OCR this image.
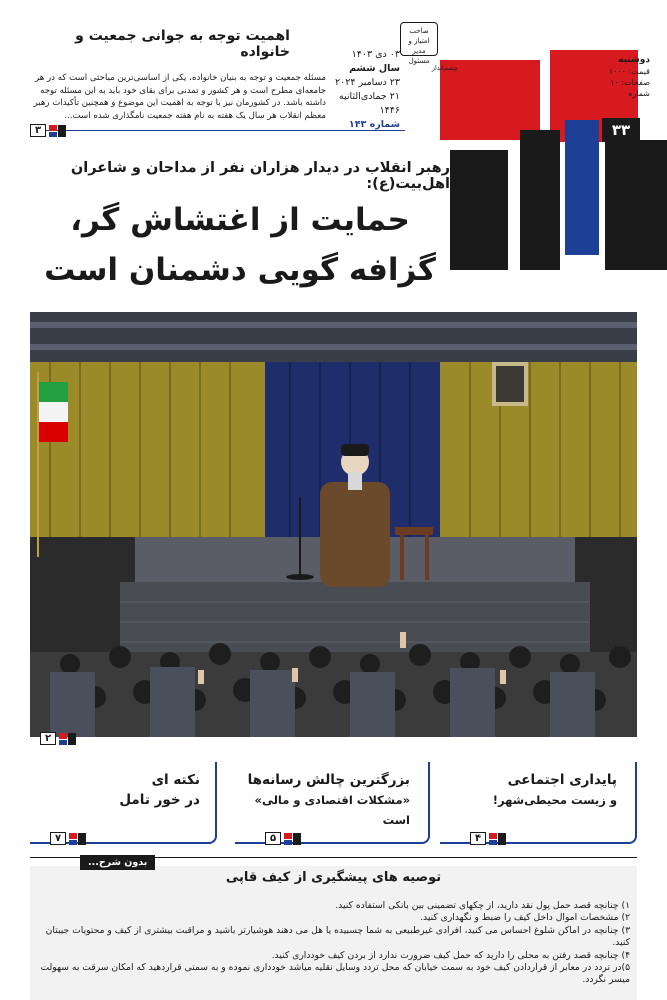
۳۳
دوشنبه
قیمت: ۱۰۰۰
صفحات: ۱۰
شماره
صاحب امتیاز و مدیر مسئول
چشم‌انداز
۰۳ دی ۱۴۰۳
سال ششم
۲۳ دسامبر ۲۰۲۴
۲۱ جمادی‌الثانیه ۱۴۴۶
شماره ۱۴۳
اهمیت توجه به جوانی جمعیت و خانواده
مسئله جمعیت و توجه به بنیان خانواده، یکی از اساسی‌ترین مباحثی است که در هر جامعه‌ای مطرح است و هر کشور و تمدنی برای بقای خود باید به این مسئله توجه داشته باشد. در کشورمان نیز با توجه به اهمیت این موضوع و همچنین تأکیدات رهبر معظم انقلاب هر سال یک هفته به نام هفته جمعیت نامگذاری شده است...
۳
رهبر انقلاب در دیدار هزاران نفر از مداحان و شاعران اهل‌بیت(ع):
حمایت از اغتشاش گر،
گزافه گویی دشمنان است
۲
پایداری اجتماعی
و زیست محیطی‌شهر!
۴
بزرگترین چالش رسانه‌ها
«مشکلات اقتصادی و مالی» است
۵
نکته ای
در خور تامل
۷
بدون شرح...
توصیه های پیشگیری از کیف قاپی
۱) چنانچه قصد حمل پول نقد دارید، از چکهای تضمینی بین بانکی استفاده کنید.
۲) مشخصات اموال داخل کیف را ضبط و نگهداری کنید.
۳) چنانچه در اماکن شلوغ احساس می کنید، افرادی غیرطبیعی به شما چسبیده یا هل می دهند هوشیارتر باشید و مراقبت بیشتری از کیف و محتویات جیبتان کنید.
۴) چنانچه قصد رفتن به محلی را دارید که حمل کیف ضرورت ندارد از بردن کیف خودداری کنید.
۵)در تردد در معابر از قراردادن کیف خود به سمت خیابان که محل تردد وسایل نقلیه میاشد خودداری نموده و به سمتی قراردهید که امکان سرقت به سهولت میسر نگردد.
